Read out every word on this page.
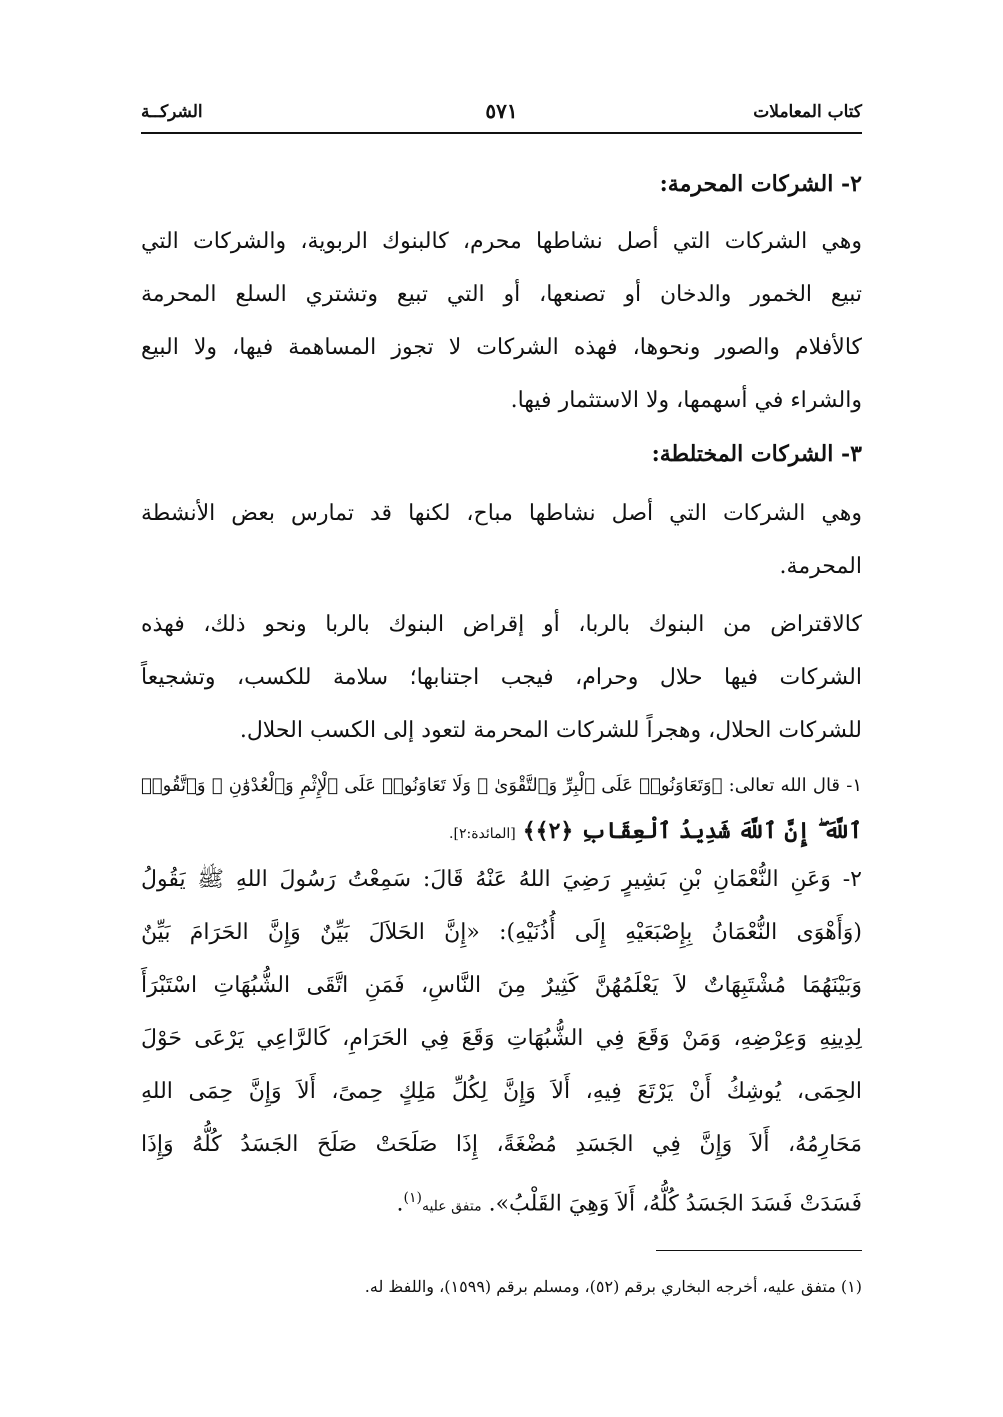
كتاب المعاملات
٥٧١
الشركــة
٢- الشركات المحرمة:
وهي الشركات التي أصل نشاطها محرم، كالبنوك الربوية، والشركات التي
تبيع الخمور والدخان أو تصنعها، أو التي تبيع وتشتري السلع المحرمة
كالأفلام والصور ونحوها، فهذه الشركات لا تجوز المساهمة فيها، ولا البيع
والشراء في أسهمها، ولا الاستثمار فيها.
٣- الشركات المختلطة:
وهي الشركات التي أصل نشاطها مباح، لكنها قد تمارس بعض الأنشطة
المحرمة.
كالاقتراض من البنوك بالربا، أو إقراض البنوك بالربا ونحو ذلك، فهذه
الشركات فيها حلال وحرام، فيجب اجتنابها؛ سلامة للكسب، وتشجيعاً
للشركات الحلال، وهجراً للشركات المحرمة لتعود إلى الكسب الحلال.
١- قال الله تعالى: ﴿وَتَعَاوَنُوا۟ عَلَى ٱلْبِرِّ وَٱلتَّقْوَىٰ ۖ وَلَا تَعَاوَنُوا۟ عَلَى ٱلْإِثْمِ وَٱلْعُدْوَٰنِ ۚ وَٱتَّقُوا۟
ٱللَّهَ ۖ إِنَّ ٱللَّهَ شَدِيدُ ٱلْعِقَابِ ﴿٢﴾﴾ [المائدة:٢].
٢- وَعَنِ النُّعْمَانِ بْنِ بَشِيرٍ رَضِيَ اللهُ عَنْهُ قَالَ: سَمِعْتُ رَسُولَ اللهِ ﷺ يَقُولُ
(وَأَهْوَى النُّعْمَانُ بِإِصْبَعَيْهِ إِلَى أُذُنَيْهِ): «إِنَّ الحَلاَلَ بَيِّنٌ وَإِنَّ الحَرَامَ بَيِّنٌ
وَبَيْنَهُمَا مُشْتَبِهَاتٌ لاَ يَعْلَمُهُنَّ كَثِيرٌ مِنَ النَّاسِ، فَمَنِ اتَّقَى الشُّبُهَاتِ اسْتَبْرَأَ
لِدِينِهِ وَعِرْضِهِ، وَمَنْ وَقَعَ فِي الشُّبُهَاتِ وَقَعَ فِي الحَرَامِ، كَالرَّاعِي يَرْعَى حَوْلَ
الحِمَى، يُوشِكُ أَنْ يَرْتَعَ فِيهِ، أَلاَ وَإِنَّ لِكُلِّ مَلِكٍ حِمىً، أَلاَ وَإِنَّ حِمَى اللهِ
مَحَارِمُهُ، أَلاَ وَإِنَّ فِي الجَسَدِ مُضْغَةً، إِذَا صَلَحَتْ صَلَحَ الجَسَدُ كُلُّهُ وَإِذَا
فَسَدَتْ فَسَدَ الجَسَدُ كُلُّهُ، أَلاَ وَهِيَ القَلْبُ». متفق عليه$^{(١)}$.
(١) متفق عليه، أخرجه البخاري برقم (٥٢)، ومسلم برقم (١٥٩٩)، واللفظ له.
